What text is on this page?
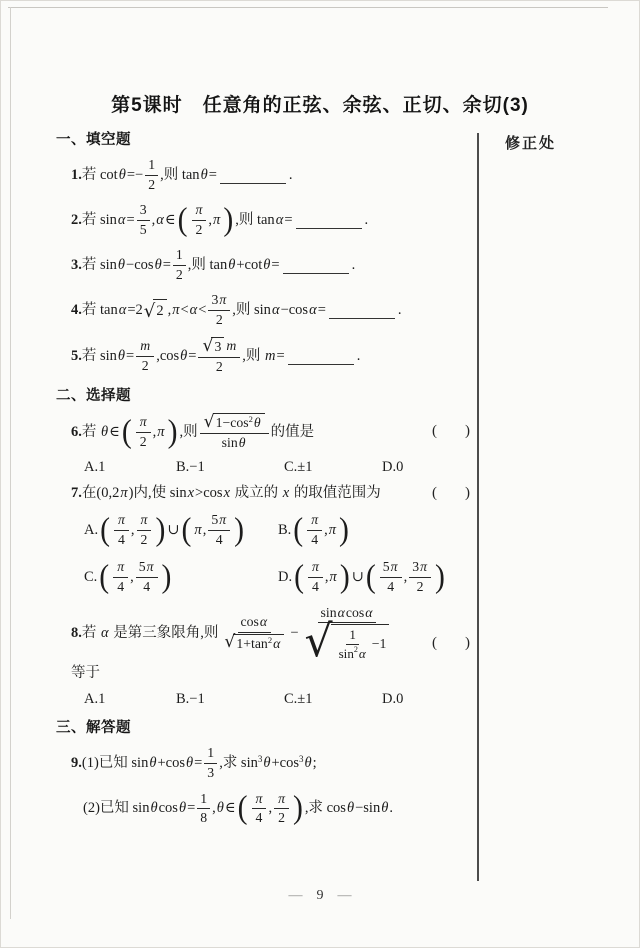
第5课时　任意角的正弦、余弦、正切、余切(3)
修正处
一、填空题
1. 若 $\cot \theta =- \frac{1}{2}$ ,则 tan θ =	.
2. 若 $\sin \alpha = \frac{3}{5}$ , α ∈ ( $\frac{\pi}{2}$ , π ) ,则 tan α =	.
3. 若 sin θ −cos $\theta = \frac{1}{2}$ ,则 tan θ +cot θ =	.
4. 若 tan α =2 √ 2 , $\pi < \alpha < \frac{3 \pi}{2}$ ,则 sin α −cos α =	.
5. 若 $\sin \theta = \frac{m}{2} ,\cos$ $\theta = \frac{√ 3 m}{2}$ ,则 m =	.
二、选择题
6. 若 θ ∈ ( $\frac{\pi}{2}$ , π ) ,则 $\frac{√ 1-\cos 2 \theta}{\text{sin θ}}$ 的值是	( )
A.1	B.−1	C.±1	D.0
7. 在(0,2 π )内,使 sin x >cos x 成立的 x 的取值范围为	( )
A. ( $\frac{\pi}{4}$ , $\frac{\pi}{2}$ ) ∪ ( π , $\frac{5 \pi}{4}$ ) B. ( $\frac{\pi}{4}$ , π )
C. ( $\frac{\pi}{4}$ , $\frac{5 \pi}{4}$ )	D. ( $\frac{\pi}{4}$ , π ) ∪ ( $\frac{5 \pi}{4}$ , $\frac{3 \pi}{2}$ )
8. 若 α 是第三象限角,则 $\frac{\text{cos α}}{√ 1+\tan 2 \alpha} - \frac{\text{sin α cos α}}{√ \frac{1}{\sin 2 \alpha} -1}$
等于
( )
A.1	B.−1	C.±1	D.0
三、解答题
9. (1)已知 sin θ +cos $\theta = \frac{1}{3}$ ,求 sin 3 θ +cos 3 θ ;
(2)已知 sin θ $\cos \theta = \frac{1}{8}$ , θ ∈ ( $\frac{\pi}{4}$ , $\frac{\pi}{2}$ ) ,求 cos θ −sin θ .
— 9 —
